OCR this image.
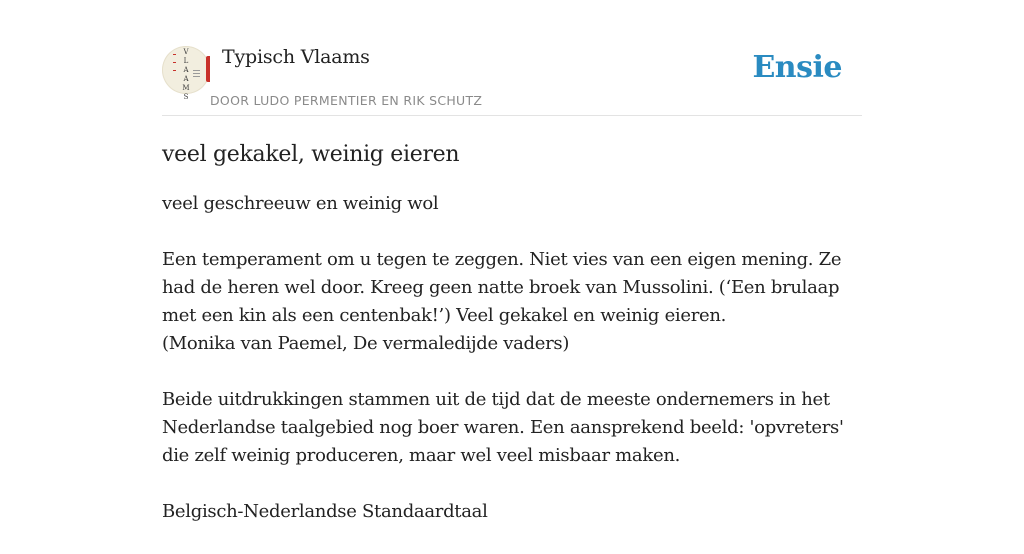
V
L
A
A
M
S
Typisch Vlaams
DOOR LUDO PERMENTIER EN RIK SCHUTZ
Ensie
veel gekakel, weinig eieren

veel geschreeuw en weinig wol

Een temperament om u tegen te zeggen. Niet vies van een eigen mening. Ze had de heren wel door. Kreeg geen natte broek van Mussolini. (‘Een brulaap met een kin als een centenbak!’) Veel gekakel en weinig eieren.
(Monika van Paemel, De vermaledijde vaders)

Beide uitdrukkingen stammen uit de tijd dat de meeste ondernemers in het Nederlandse taalgebied nog boer waren. Een aansprekend beeld: 'opvreters' die zelf weinig produceren, maar wel veel misbaar maken.

Belgisch-Nederlandse Standaardtaal
